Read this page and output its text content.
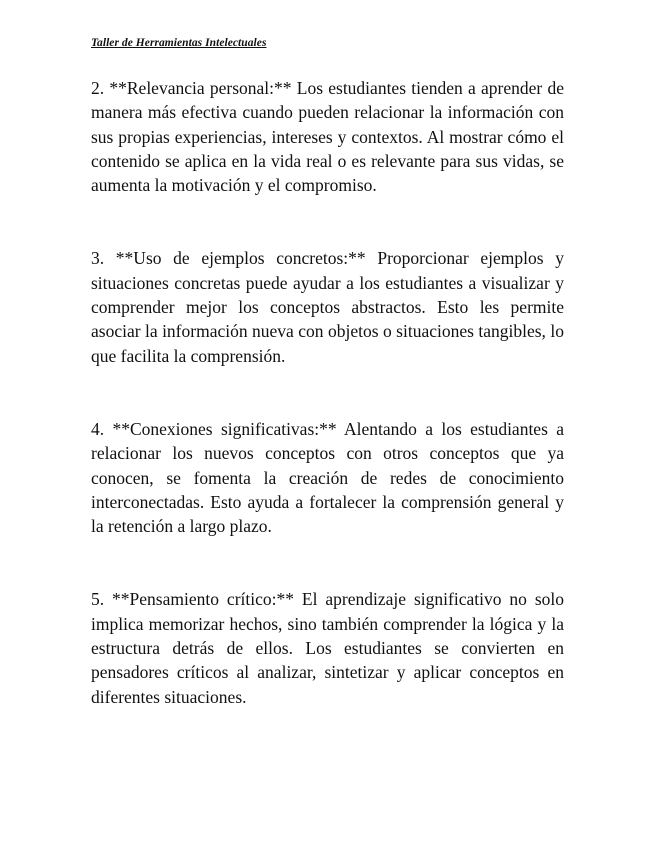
Taller de Herramientas Intelectuales

2. **Relevancia personal:** Los estudiantes tienden a aprender de manera más efectiva cuando pueden relacionar la información con sus propias experiencias, intereses y contextos. Al mostrar cómo el contenido se aplica en la vida real o es relevante para sus vidas, se aumenta la motivación y el compromiso.

3. **Uso de ejemplos concretos:** Proporcionar ejemplos y situaciones concretas puede ayudar a los estudiantes a visualizar y comprender mejor los conceptos abstractos. Esto les permite asociar la información nueva con objetos o situaciones tangibles, lo que facilita la comprensión.

4. **Conexiones significativas:** Alentando a los estudiantes a relacionar los nuevos conceptos con otros conceptos que ya conocen, se fomenta la creación de redes de conocimiento interconectadas. Esto ayuda a fortalecer la comprensión general y la retención a largo plazo.

5. **Pensamiento crítico:** El aprendizaje significativo no solo implica memorizar hechos, sino también comprender la lógica y la estructura detrás de ellos. Los estudiantes se convierten en pensadores críticos al analizar, sintetizar y aplicar conceptos en diferentes situaciones.
